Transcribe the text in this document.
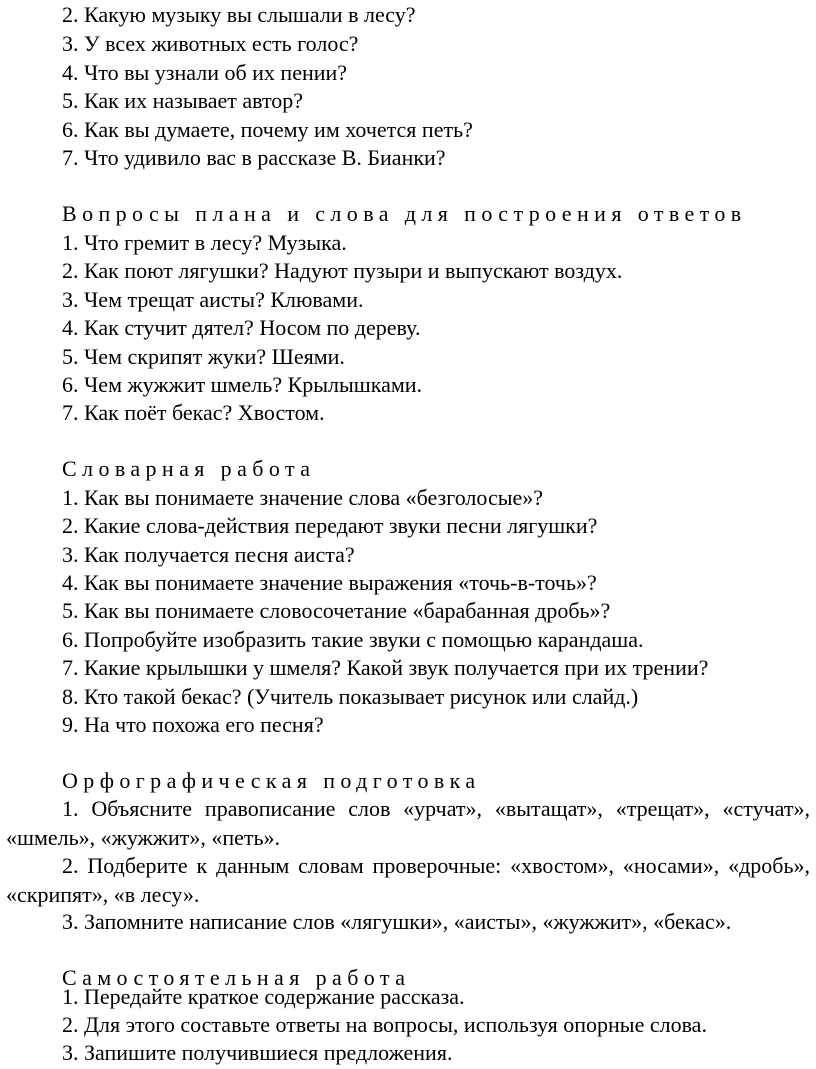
2. Какую музыку вы слышали в лесу?
3. У всех животных есть голос?
4. Что вы узнали об их пении?
5. Как их называет автор?
6. Как вы думаете, почему им хочется петь?
7. Что удивило вас в рассказе В. Бианки?
Вопросы плана и слова для построения ответов
1. Что гремит в лесу? Музыка.
2. Как поют лягушки? Надуют пузыри и выпускают воздух.
3. Чем трещат аисты? Клювами.
4. Как стучит дятел? Носом по дереву.
5. Чем скрипят жуки? Шеями.
6. Чем жужжит шмель? Крылышками.
7. Как поёт бекас? Хвостом.
Словарная работа
1. Как вы понимаете значение слова «безголосые»?
2. Какие слова-действия передают звуки песни лягушки?
3. Как получается песня аиста?
4. Как вы понимаете значение выражения «точь-в-точь»?
5. Как вы понимаете словосочетание «барабанная дробь»?
6. Попробуйте изобразить такие звуки с помощью карандаша.
7. Какие крылышки у шмеля? Какой звук получается при их трении?
8. Кто такой бекас? (Учитель показывает рисунок или слайд.)
9. На что похожа его песня?
Орфографическая подготовка
1. Объясните правописание слов «урчат», «вытащат», «трещат», «стучат», «шмель», «жужжит», «петь».
2. Подберите к данным словам проверочные: «хвостом», «носами», «дробь», «скрипят», «в лесу».
3. Запомните написание слов «лягушки», «аисты», «жужжит», «бекас».
Самостоятельная работа
1. Передайте краткое содержание рассказа.
2. Для этого составьте ответы на вопросы, используя опорные слова.
3. Запишите получившиеся предложения.
